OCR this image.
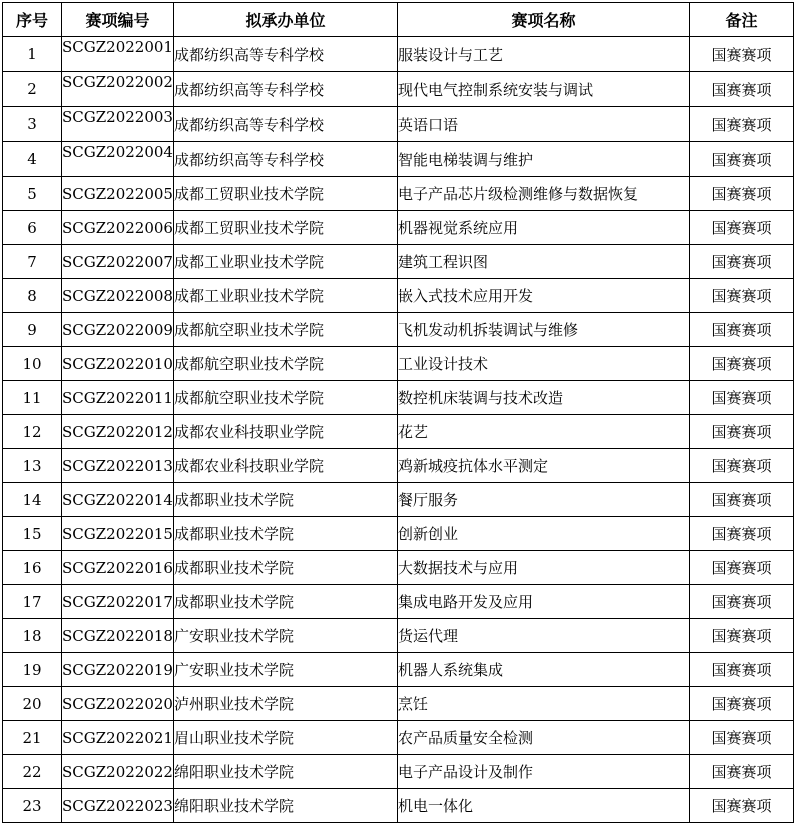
序号	赛项编号	拟承办单位	赛项名称	备注
1	SCGZ2022001	成都纺织高等专科学校	服装设计与工艺	国赛赛项
2	SCGZ2022002	成都纺织高等专科学校	现代电气控制系统安装与调试	国赛赛项
3	SCGZ2022003	成都纺织高等专科学校	英语口语	国赛赛项
4	SCGZ2022004	成都纺织高等专科学校	智能电梯装调与维护	国赛赛项
5	SCGZ2022005	成都工贸职业技术学院	电子产品芯片级检测维修与数据恢复	国赛赛项
6	SCGZ2022006	成都工贸职业技术学院	机器视觉系统应用	国赛赛项
7	SCGZ2022007	成都工业职业技术学院	建筑工程识图	国赛赛项
8	SCGZ2022008	成都工业职业技术学院	嵌入式技术应用开发	国赛赛项
9	SCGZ2022009	成都航空职业技术学院	飞机发动机拆装调试与维修	国赛赛项
10	SCGZ2022010	成都航空职业技术学院	工业设计技术	国赛赛项
11	SCGZ2022011	成都航空职业技术学院	数控机床装调与技术改造	国赛赛项
12	SCGZ2022012	成都农业科技职业学院	花艺	国赛赛项
13	SCGZ2022013	成都农业科技职业学院	鸡新城疫抗体水平测定	国赛赛项
14	SCGZ2022014	成都职业技术学院	餐厅服务	国赛赛项
15	SCGZ2022015	成都职业技术学院	创新创业	国赛赛项
16	SCGZ2022016	成都职业技术学院	大数据技术与应用	国赛赛项
17	SCGZ2022017	成都职业技术学院	集成电路开发及应用	国赛赛项
18	SCGZ2022018	广安职业技术学院	货运代理	国赛赛项
19	SCGZ2022019	广安职业技术学院	机器人系统集成	国赛赛项
20	SCGZ2022020	泸州职业技术学院	烹饪	国赛赛项
21	SCGZ2022021	眉山职业技术学院	农产品质量安全检测	国赛赛项
22	SCGZ2022022	绵阳职业技术学院	电子产品设计及制作	国赛赛项
23	SCGZ2022023	绵阳职业技术学院	机电一体化	国赛赛项
